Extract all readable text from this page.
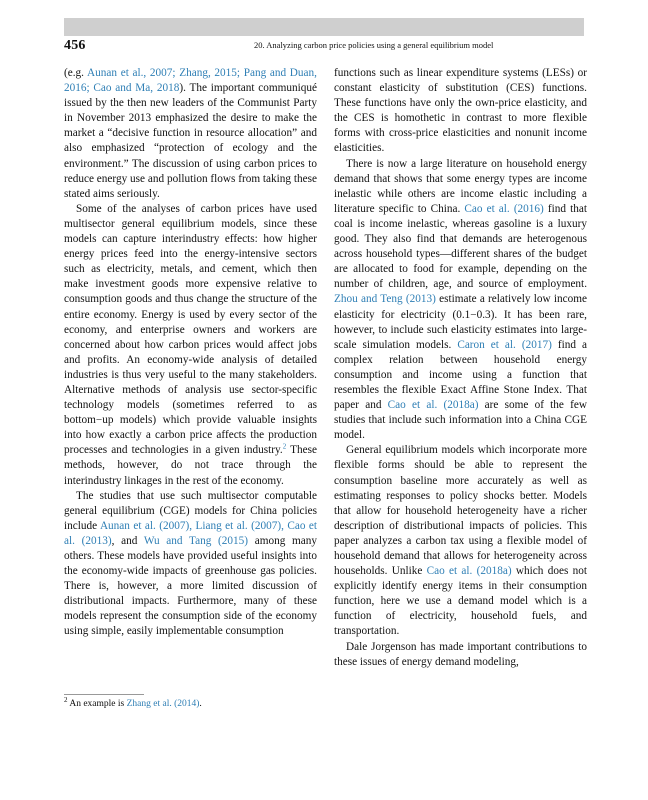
456	20. Analyzing carbon price policies using a general equilibrium model

(e.g. Aunan et al., 2007; Zhang, 2015; Pang and Duan, 2016; Cao and Ma, 2018). The important communiqué issued by the then new leaders of the Communist Party in November 2013 emphasized the desire to make the market a “decisive function in resource allocation” and also emphasized “protection of ecology and the environment.” The discussion of using carbon prices to reduce energy use and pollution flows from taking these stated aims seriously.

Some of the analyses of carbon prices have used multisector general equilibrium models, since these models can capture interindustry effects: how higher energy prices feed into the energy-intensive sectors such as electricity, metals, and cement, which then make investment goods more expensive relative to consumption goods and thus change the structure of the entire economy. Energy is used by every sector of the economy, and enterprise owners and workers are concerned about how carbon prices would affect jobs and profits. An economy-wide analysis of detailed industries is thus very useful to the many stakeholders. Alternative methods of analysis use sector-specific technology models (sometimes referred to as bottom−up models) which provide valuable insights into how exactly a carbon price affects the production processes and technologies in a given industry.$^2$ These methods, however, do not trace through the interindustry linkages in the rest of the economy.

The studies that use such multisector computable general equilibrium (CGE) models for China policies include Aunan et al. (2007), Liang et al. (2007), Cao et al. (2013), and Wu and Tang (2015) among many others. These models have provided useful insights into the economy-wide impacts of greenhouse gas policies. There is, however, a more limited discussion of distributional impacts. Furthermore, many of these models represent the consumption side of the economy using simple, easily implementable consumption

functions such as linear expenditure systems (LESs) or constant elasticity of substitution (CES) functions. These functions have only the own-price elasticity, and the CES is homothetic in contrast to more flexible forms with cross-price elasticities and nonunit income elasticities.

There is now a large literature on household energy demand that shows that some energy types are income inelastic while others are income elastic including a literature specific to China. Cao et al. (2016) find that coal is income inelastic, whereas gasoline is a luxury good. They also find that demands are heterogenous across household types—different shares of the budget are allocated to food for example, depending on the number of children, age, and source of employment. Zhou and Teng (2013) estimate a relatively low income elasticity for electricity (0.1−0.3). It has been rare, however, to include such elasticity estimates into large-scale simulation models. Caron et al. (2017) find a complex relation between household energy consumption and income using a function that resembles the flexible Exact Affine Stone Index. That paper and Cao et al. (2018a) are some of the few studies that include such information into a China CGE model.

General equilibrium models which incorporate more flexible forms should be able to represent the consumption baseline more accurately as well as estimating responses to policy shocks better. Models that allow for household heterogeneity have a richer description of distributional impacts of policies. This paper analyzes a carbon tax using a flexible model of household demand that allows for heterogeneity across households. Unlike Cao et al. (2018a) which does not explicitly identify energy items in their consumption function, here we use a demand model which is a function of electricity, household fuels, and transportation.

Dale Jorgenson has made important contributions to these issues of energy demand modeling,

$^2$ An example is Zhang et al. (2014).
